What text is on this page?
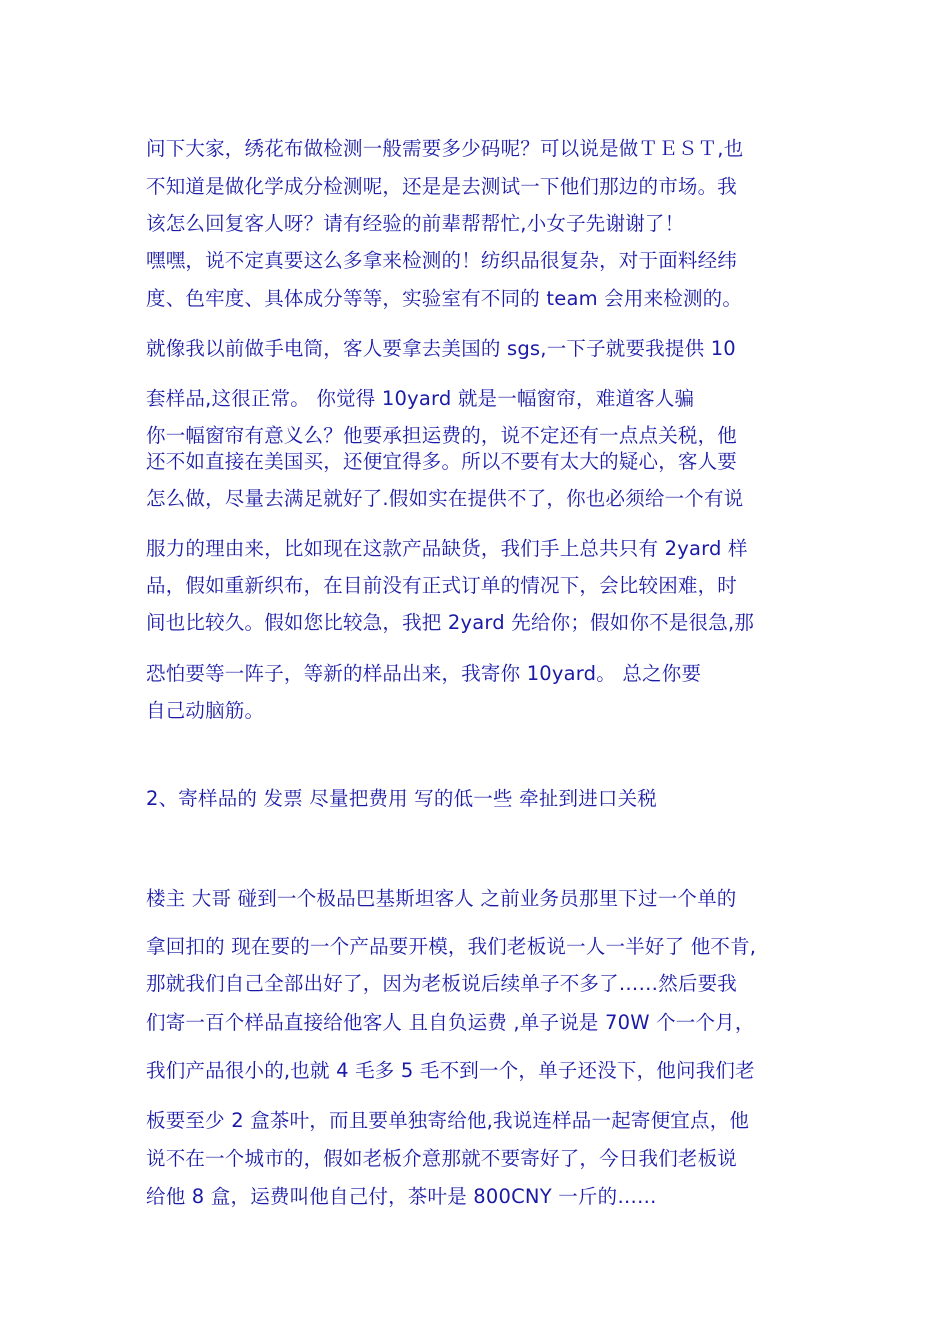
问下大家，绣花布做检测一般需要多少码呢？可以说是做ＴＥＳＴ,也
不知道是做化学成分检测呢，还是是去测试一下他们那边的市场。我
该怎么回复客人呀？请有经验的前辈帮帮忙,小女子先谢谢了！
嘿嘿，说不定真要这么多拿来检测的！纺织品很复杂，对于面料经纬
度、色牢度、具体成分等等，实验室有不同的 team 会用来检测的。
就像我以前做手电筒，客人要拿去美国的 sgs,一下子就要我提供 10
套样品,这很正常。 你觉得 10yard 就是一幅窗帘，难道客人骗
你一幅窗帘有意义么？他要承担运费的，说不定还有一点点关税，他
还不如直接在美国买，还便宜得多。所以不要有太大的疑心，客人要
怎么做，尽量去满足就好了.假如实在提供不了，你也必须给一个有说
服力的理由来，比如现在这款产品缺货，我们手上总共只有 2yard 样
品，假如重新织布，在目前没有正式订单的情况下，会比较困难，时
间也比较久。假如您比较急，我把 2yard 先给你；假如你不是很急,那
恐怕要等一阵子，等新的样品出来，我寄你 10yard。 总之你要
自己动脑筋。
2、寄样品的 发票 尽量把费用 写的低一些 牵扯到进口关税
楼主 大哥 碰到一个极品巴基斯坦客人 之前业务员那里下过一个单的
拿回扣的 现在要的一个产品要开模，我们老板说一人一半好了 他不肯,
那就我们自己全部出好了，因为老板说后续单子不多了……然后要我
们寄一百个样品直接给他客人 且自负运费 ,单子说是 70W 个一个月，
我们产品很小的,也就 4 毛多 5 毛不到一个，单子还没下，他问我们老
板要至少 2 盒茶叶，而且要单独寄给他,我说连样品一起寄便宜点，他
说不在一个城市的，假如老板介意那就不要寄好了，今日我们老板说
给他 8 盒，运费叫他自己付，茶叶是 800CNY 一斤的……
